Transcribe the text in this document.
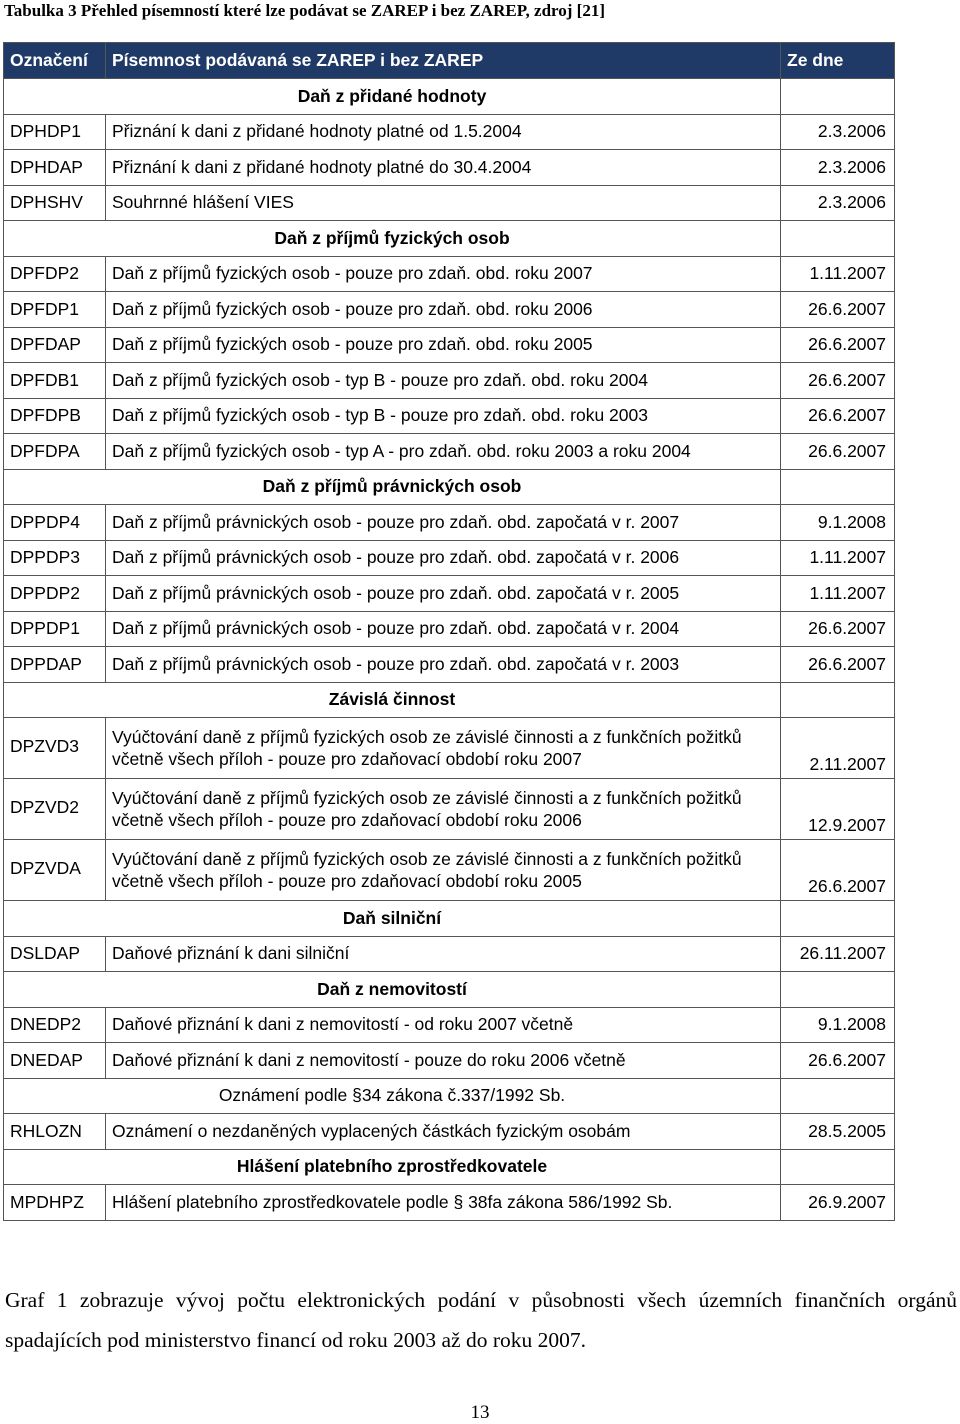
Tabulka 3 Přehled písemností které lze podávat se ZAREP i bez ZAREP, zdroj [21]
Označení	Písemnost podávaná se ZAREP i bez ZAREP	Ze dne
Daň z přidané hodnoty		
DPHDP1	Přiznání k dani z přidané hodnoty platné od 1.5.2004	2.3.2006
DPHDAP	Přiznání k dani z přidané hodnoty platné do 30.4.2004	2.3.2006
DPHSHV	Souhrnné hlášení VIES	2.3.2006
Daň z příjmů fyzických osob		
DPFDP2	Daň z příjmů fyzických osob - pouze pro zdaň. obd. roku 2007	1.11.2007
DPFDP1	Daň z příjmů fyzických osob - pouze pro zdaň. obd. roku 2006	26.6.2007
DPFDAP	Daň z příjmů fyzických osob - pouze pro zdaň. obd. roku 2005	26.6.2007
DPFDB1	Daň z příjmů fyzických osob - typ B - pouze pro zdaň. obd. roku 2004	26.6.2007
DPFDPB	Daň z příjmů fyzických osob - typ B - pouze pro zdaň. obd. roku 2003	26.6.2007
DPFDPA	Daň z příjmů fyzických osob - typ A - pro zdaň. obd. roku 2003 a roku 2004	26.6.2007
Daň z příjmů právnických osob		
DPPDP4	Daň z příjmů právnických osob - pouze pro zdaň. obd. započatá v r. 2007	9.1.2008
DPPDP3	Daň z příjmů právnických osob - pouze pro zdaň. obd. započatá v r. 2006	1.11.2007
DPPDP2	Daň z příjmů právnických osob - pouze pro zdaň. obd. započatá v r. 2005	1.11.2007
DPPDP1	Daň z příjmů právnických osob - pouze pro zdaň. obd. započatá v r. 2004	26.6.2007
DPPDAP	Daň z příjmů právnických osob - pouze pro zdaň. obd. započatá v r. 2003	26.6.2007
Závislá činnost		
DPZVD3	Vyúčtování daně z příjmů fyzických osob ze závislé činnosti a z funkčních požitků včetně všech příloh - pouze pro zdaňovací období roku 2007	2.11.2007
DPZVD2	Vyúčtování daně z příjmů fyzických osob ze závislé činnosti a z funkčních požitků včetně všech příloh - pouze pro zdaňovací období roku 2006	12.9.2007
DPZVDA	Vyúčtování daně z příjmů fyzických osob ze závislé činnosti a z funkčních požitků včetně všech příloh - pouze pro zdaňovací období roku 2005	26.6.2007
Daň silniční		
DSLDAP	Daňové přiznání k dani silniční	26.11.2007
Daň z nemovitostí		
DNEDP2	Daňové přiznání k dani z nemovitostí - od roku 2007 včetně	9.1.2008
DNEDAP	Daňové přiznání k dani z nemovitostí - pouze do roku 2006 včetně	26.6.2007
Oznámení podle §34 zákona č.337/1992 Sb.		
RHLOZN	Oznámení o nezdaněných vyplacených částkách fyzickým osobám	28.5.2005
Hlášení platebního zprostředkovatele		
MPDHPZ	Hlášení platebního zprostředkovatele podle § 38fa zákona 586/1992 Sb.	26.9.2007
Graf 1 zobrazuje vývoj počtu elektronických podání v působnosti všech územních finančních orgánů spadajících pod ministerstvo financí od roku 2003 až do roku 2007.
13
